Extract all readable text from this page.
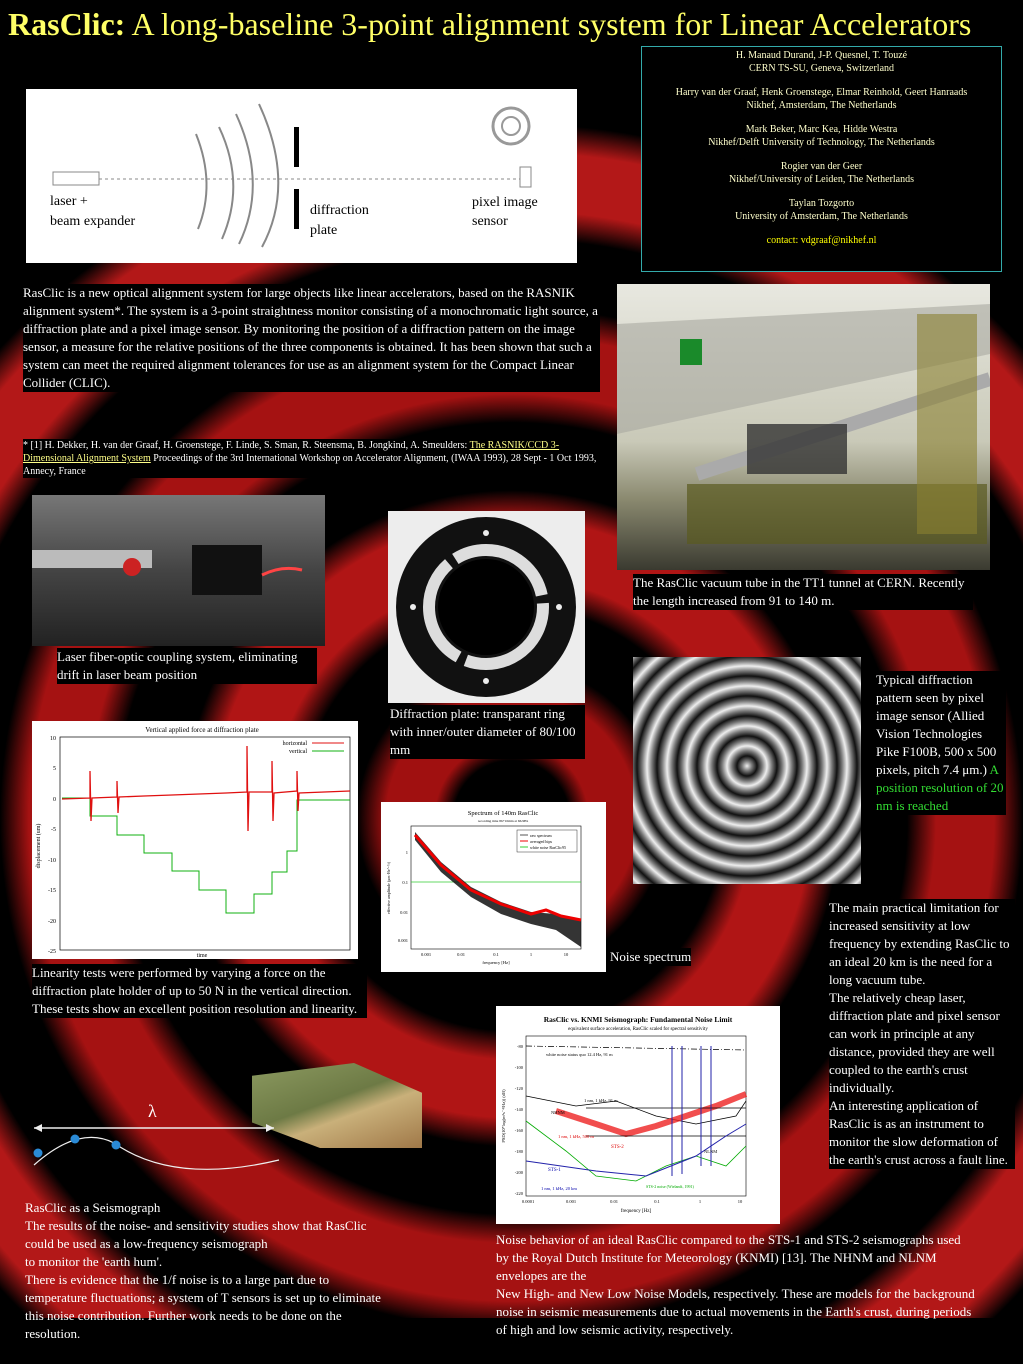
RasClic: A long-baseline 3-point alignment system for Linear Accelerators
H. Manaud Durand, J-P. Quesnel, T. Touzé
CERN TS-SU, Geneva, Switzerland
Harry van der Graaf, Henk Groenstege, Elmar Reinhold, Geert Hanraads
Nikhef, Amsterdam, The Netherlands
Mark Beker, Marc Kea, Hidde Westra
Nikhef/Delft University of Technology, The Netherlands
Rogier van der Geer
Nikhef/University of Leiden, The Netherlands
Taylan Tozgorto
University of Amsterdam, The Netherlands
contact: vdgraaf@nikhef.nl
laser +
beam expander
diffraction
plate
pixel image
sensor
RasClic is a new optical alignment system for large objects like linear accelerators, based on the RASNIK alignment system*. The system is a 3-point straightness monitor consisting of a monochromatic light source, a diffraction plate and a pixel image sensor. By monitoring the position of a diffraction pattern on the image sensor, a measure for the relative positions of the three components is obtained. It has been shown that such a system can meet the required alignment tolerances for use as an alignment system for the Compact Linear Collider (CLIC).
* [1] H. Dekker, H. van der Graaf, H. Groenstege, F. Linde, S. Sman, R. Steensma, B. Jongkind, A. Smeulders: The RASNIK/CCD 3-Dimensional Alignment System Proceedings of the 3rd International Workshop on Accelerator Alignment, (IWAA 1993), 28 Sept - 1 Oct 1993, Annecy, France
The RasClic vacuum tube in the TT1 tunnel at CERN. Recently the length increased from 91 to 140 m.
Laser fiber-optic coupling system, eliminating drift in laser beam position
Diffraction plate: transparant ring with inner/outer diameter of 80/100 mm
Typical diffraction pattern seen by pixel image sensor (Allied Vision Technologies Pike F100B, 500 x 500 pixels, pitch 7.4 μm.) A position resolution of 20 nm is reached
Vertical applied force at diffraction plate
10
5
0
-5
-10
-15
-20
-25
displacement (um)
time
horizontal
vertical
Linearity tests were performed by varying a force on the diffraction plate holder of up to 50 N in the vertical direction. These tests show an excellent position resolution and linearity.
Spectrum of 140m RasClic
recording time 8h+10min at 66.9Hz
raw spectrum
averaged hips
white noise RasClic95
0.001	0.01	0.1	1	10
1
0.1
0.01
0.001
frequency [Hz]
effective amplitude (μm·Hz^-½)
Noise spectrum
The main practical limitation for increased sensitivity at low frequency by extending RasClic to an ideal 20 km is the need for a long vacuum tube.
The relatively cheap laser, diffraction plate and pixel sensor can work in principle at any distance, provided they are well coupled to the earth's crust individually.
An interesting application of RasClic is as an instrument to monitor the slow deformation of the earth's crust across a fault line.
RasClic vs. KNMI Seismograph: Fundamental Noise Limit
equivalent surface acceleration, RasClic scaled for spectral sensitivity
white noise status quo 12.4 Hz, 91 m
1 nm, 1 kHz, 91 m
1 nm, 1 kHz, 500 m
1 nm, 1 kHz, 20 km
NHNM
NLNM
STS-2
STS-1
STS-2 noise (Wielandt, 1991)
-80
-100
-120
-140
-160
-180
-200
-220
0.0001	0.001	0.01	0.1	1	10
frequency [Hz]
PSD(10*log(m²s⁻⁴/Hz)) (dB)
λ
RasClic as a Seismograph
The results of the noise- and sensitivity studies show that RasClic could be used as a low-frequency seismograph
to monitor the 'earth hum'.
There is evidence that the 1/f noise is to a large part due to temperature fluctuations; a system of T sensors is set up to eliminate this noise contribution. Further work needs to be done on the resolution.
Noise behavior of an ideal RasClic compared to the STS-1 and STS-2 seismographs used by the Royal Dutch Institute for Meteorology (KNMI) [13]. The NHNM and NLNM envelopes are the
New High- and New Low Noise Models, respectively. These are models for the background noise in seismic measurements due to actual movements in the Earth's crust, during periods of high and low seismic activity, respectively.
